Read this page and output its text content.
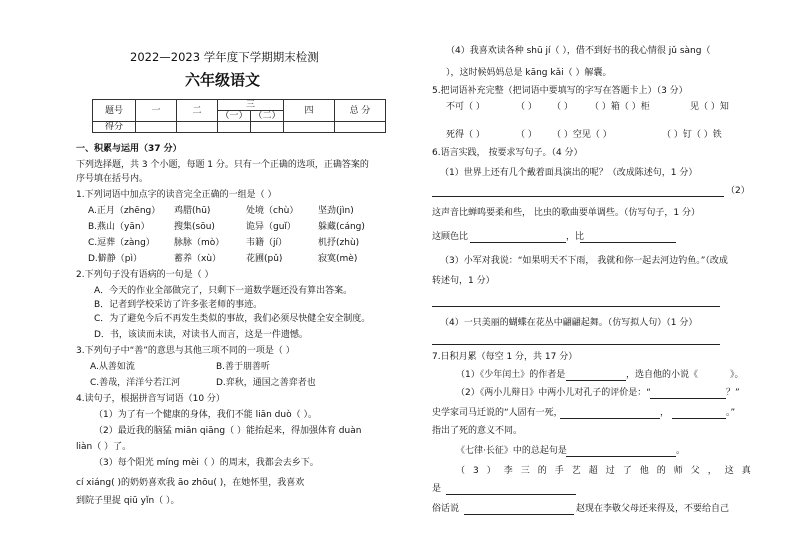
2022—2023 学年度下学期期末检测
六年级语文
题号	一	二	三		四	总 分
			（一）	（二）		
得分						
一、积累与运用（37 分）
下列选择题，共 3 个小题，每题 1 分。只有一个正确的选项，正确答案的
序号填在括号内。
1.下列词语中加点字的读音完全正确的一组是（ ）
A.正月（zhēng） 鸡腊(hū)	处境（chù） 坚劲(jìn)
B.燕山（yān）	搜集(sōu)	诡异（guǐ） 躲藏(cáng)
C.逗葬（zàng） 脉脉（mò） 韦籍（jí）	机抒(zhù)
D.僻静（pì）	蓄养（xù）	花圃(pǔ)	寂寞(mè)
2.下列句子没有语病的一句是（ ）
A．今天的作业全部做完了，只剩下一道数学题还没有算出答案。
B．记者到学校采访了许多张老师的事迹。
C．为了避免今后不再发生类似的事故，我们必须尽快健全安全制度。
D．书，该读而未读，对读书人而言，这是一件遗憾。
3.下列句子中“善”的意思与其他三项不同的一项是（ ）
A.从善如流	B.善于朋善听
C.善哉，洋洋兮若江河	D.弈秋，通国之善弈者也
4.读句子，根据拼音写词语（10 分）
（1）为了有一个健康的身体，我们不能 liān duò（ ）。
（2）最近我的脑猛 miān qiāng（ ）能抬起来，得加强体育 duàn
liàn（ ）了。
（3）每个阳光 mínɡ mèi（ ）的周末，我都会去乡下。
cí xiáng( )的奶奶喜欢我 āo zhōu( )，在她怀里，我喜欢
到院子里捉 qiū yǐn（ ）。
（4）我喜欢读各种 shū jí（ ），借不到好书的我心情很 jǔ sàng（
），这时候妈妈总是 kāng kǎi（ ）解囊。
5.把词语补充完整（把词语中要填写的字写在答题卡上）（3 分）
不可（ ）	（ ） （ ） （ ）箱（ ）柜	见（ ）知
死得（ ）	（ ） （ ）空见（ ）	（ ）钉（ ）铁
6.语言实践， 按要求写句子。（4 分）
（1）世界上还有几个戴着面具演出的呢？（改成陈述句，1 分）
（2）
这声音比蝉鸣要柔和些， 比虫的歌曲要单调些。（仿写句子，1 分）
这顾色比	，比
（3）小军对我说：“如果明天不下雨， 我就和你一起去河边钓鱼。”（改成
转述句，1 分）
（4）一只美丽的蝴蝶在花丛中翩翩起舞。（仿写拟人句）（1 分）
7.日积月累（每空 1 分，共 17 分）
（1）《少年闰土》的作者是	，选自他的小说《	》。
（2）《两小儿辩日》中两小儿对孔子的评价是：“	？”
史学家司马迁说的“人固有一死，	，	。”
指出了死的意义不同。
《七律·长征》中的总起句是	。
（3）李三的手艺超过了他的师父，这真
是
俗话说	赵现在李敬父母还来得及，不要给自己
